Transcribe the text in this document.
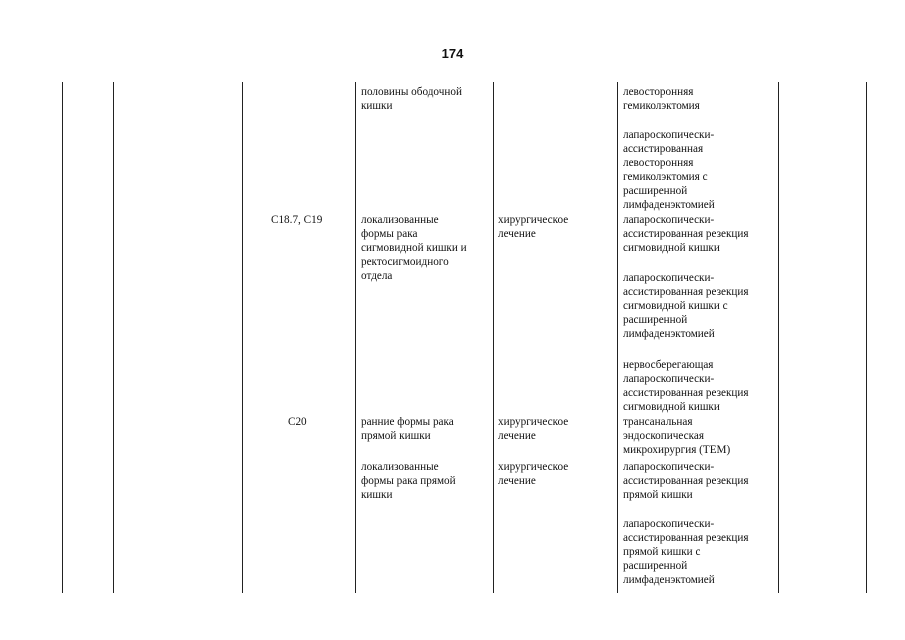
174
C18.7, C19
C20
половины ободочной
кишки
локализованные
формы рака
сигмовидной кишки и
ректосигмоидного
отдела
ранние формы рака
прямой кишки
локализованные
формы рака прямой
кишки
хирургическое
лечение
хирургическое
лечение
хирургическое
лечение
левосторонняя
гемиколэктомия
лапароскопически-
ассистированная
левосторонняя
гемиколэктомия с
расширенной
лимфаденэктомией
лапароскопически-
ассистированная резекция
сигмовидной кишки
лапароскопически-
ассистированная резекция
сигмовидной кишки с
расширенной
лимфаденэктомией
нервосберегающая
лапароскопически-
ассистированная резекция
сигмовидной кишки
трансанальная
эндоскопическая
микрохирургия (ТЕМ)
лапароскопически-
ассистированная резекция
прямой кишки
лапароскопически-
ассистированная резекция
прямой кишки с
расширенной
лимфаденэктомией
